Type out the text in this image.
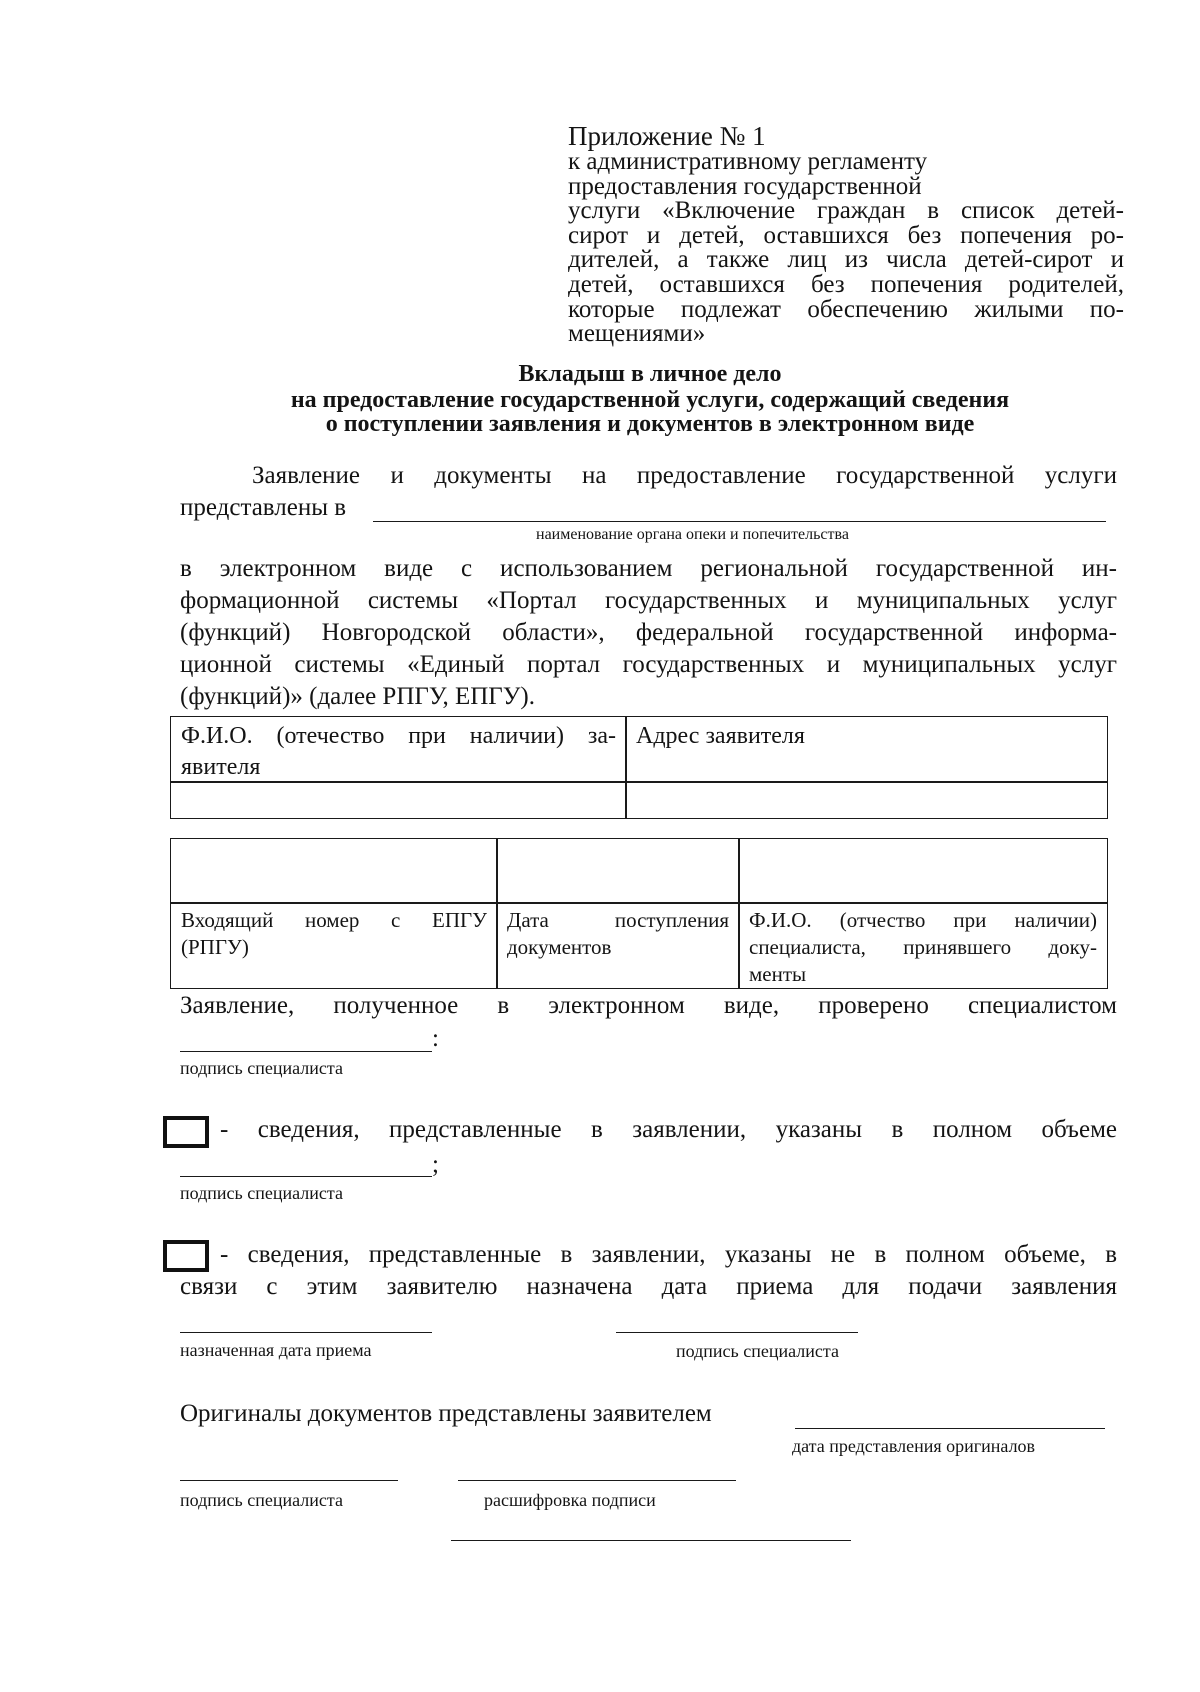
Приложение № 1
к административному регламенту
предоставления государственной
услуги «Включение граждан в список детей-
сирот и детей, оставшихся без попечения ро-
дителей, а также лиц из числа детей-сирот и
детей, оставшихся без попечения родителей,
которые подлежат обеспечению жилыми по-
мещениями»
Вкладыш в личное дело
на предоставление государственной услуги, содержащий сведения
о поступлении заявления и документов в электронном виде
Заявление и документы на предоставление государственной услуги
представлены в
наименование органа опеки и попечительства
в электронном виде с использованием региональной государственной ин-
формационной системы «Портал государственных и муниципальных услуг
(функций) Новгородской области», федеральной государственной информа-
ционной системы «Единый портал государственных и муниципальных услуг
(функций)» (далее РПГУ, ЕПГУ).
Ф.И.О. (отечество при наличии) за-
явителя
Адрес заявителя
Входящий номер с ЕПГУ
(РПГУ)
Дата поступления
документов
Ф.И.О. (отчество при наличии)
специалиста, принявшего доку-
менты
Заявление, полученное в электронном виде, проверено специалистом
:
подпись специалиста
- сведения, представленные в заявлении, указаны в полном объеме
;
подпись специалиста
- сведения, представленные в заявлении, указаны не в полном объеме, в
связи с этим заявителю назначена дата приема для подачи заявления
назначенная дата приема	подпись специалиста
Оригиналы документов представлены заявителем
дата представления оригиналов
подпись специалиста	расшифровка подписи
